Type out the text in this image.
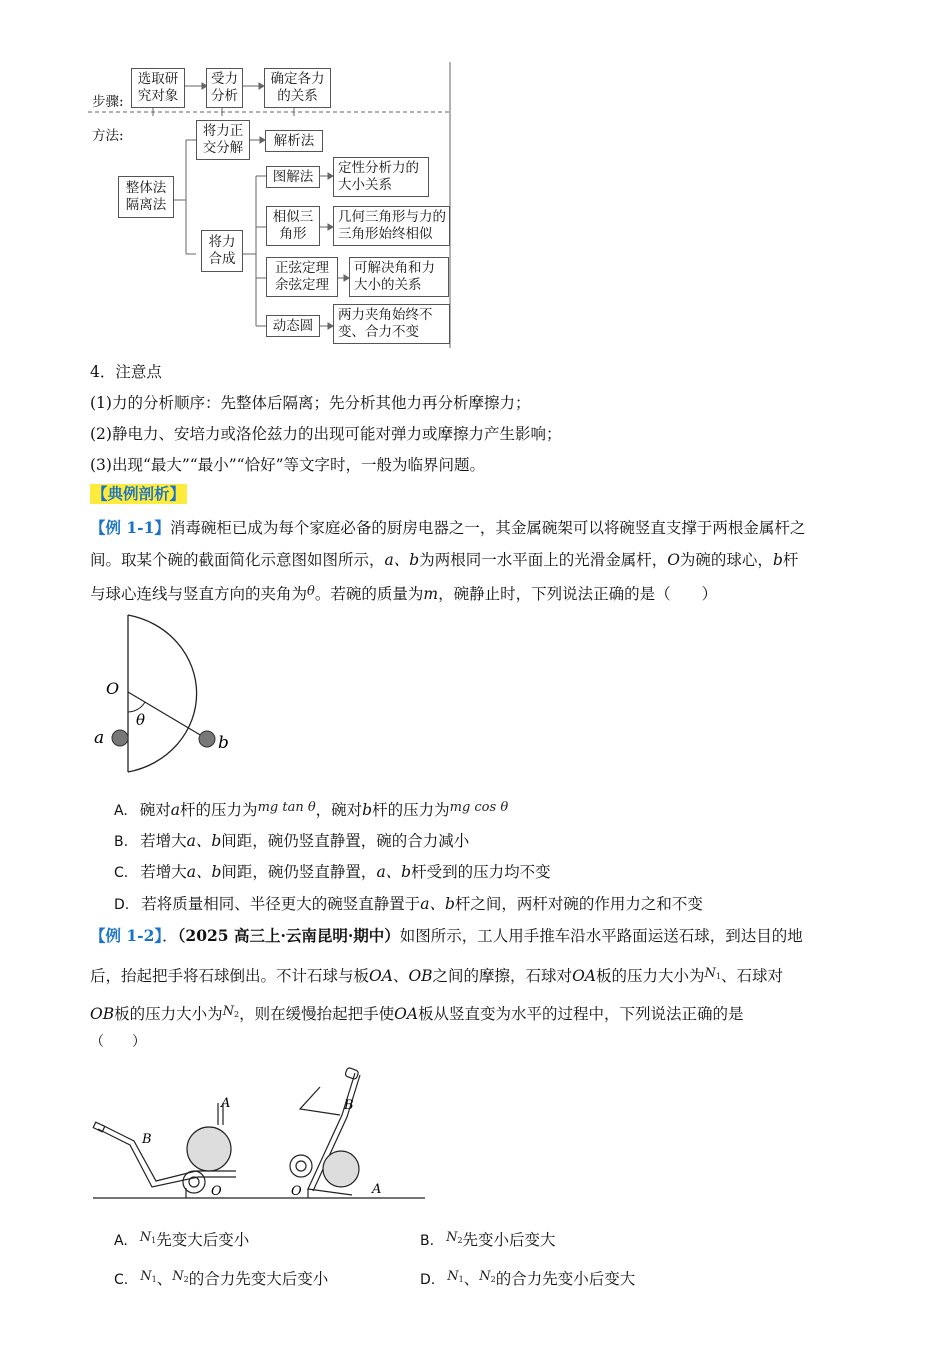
步骤:
选取研
究对象
受力
分析
确定各力
的关系
方法:
整体法
隔离法
将力正
交分解	解析法
将力
合成
图解法
定性分析力的
大小关系
相似三
角形
几何三角形与力的
三角形始终相似
正弦定理
余弦定理
可解决角和力
大小的关系
动态圆
两力夹角始终不
变、合力不变
4．注意点
(1)力的分析顺序：先整体后隔离；先分析其他力再分析摩擦力；
(2)静电力、安培力或洛伦兹力的出现可能对弹力或摩擦力产生影响；
(3)出现“最大”“最小”“恰好”等文字时，一般为临界问题。
【典例剖析】
【例 1-1】消毒碗柜已成为每个家庭必备的厨房电器之一，其金属碗架可以将碗竖直支撑于两根金属杆之
间。取某个碗的截面简化示意图如图所示，a、b为两根同一水平面上的光滑金属杆，O为碗的球心，b杆
与球心连线与竖直方向的夹角为$^\theta$。若碗的质量为m，碗静止时，下列说法正确的是（　　）
O
θ
a	b
A. 碗对a杆的压力为$^{mg tan \theta}$，碗对b杆的压力为$^{mg cos \theta}$
B. 若增大a、b间距，碗仍竖直静置，碗的合力减小
C. 若增大a、b间距，碗仍竖直静置，a、b杆受到的压力均不变
D. 若将质量相同、半径更大的碗竖直静置于a、b杆之间，两杆对碗的作用力之和不变
【例 1-2】．（2025 高三上·云南昆明·期中）如图所示，工人用手推车沿水平路面运送石球，到达目的地
后，抬起把手将石球倒出。不计石球与板OA、OB之间的摩擦，石球对OA板的压力大小为$^{N_1}$、石球对
OB板的压力大小为$^{N_2}$，则在缓慢抬起把手使OA板从竖直变为水平的过程中，下列说法正确的是
（　　）
A
B
O	A
B
O
A. $^{N_1}$先变大后变小	B. $^{N_2}$先变小后变大
C. $^{N_1}$、$^{N_2}$的合力先变大后变小	D. $^{N_1}$、$^{N_2}$的合力先变小后变大
